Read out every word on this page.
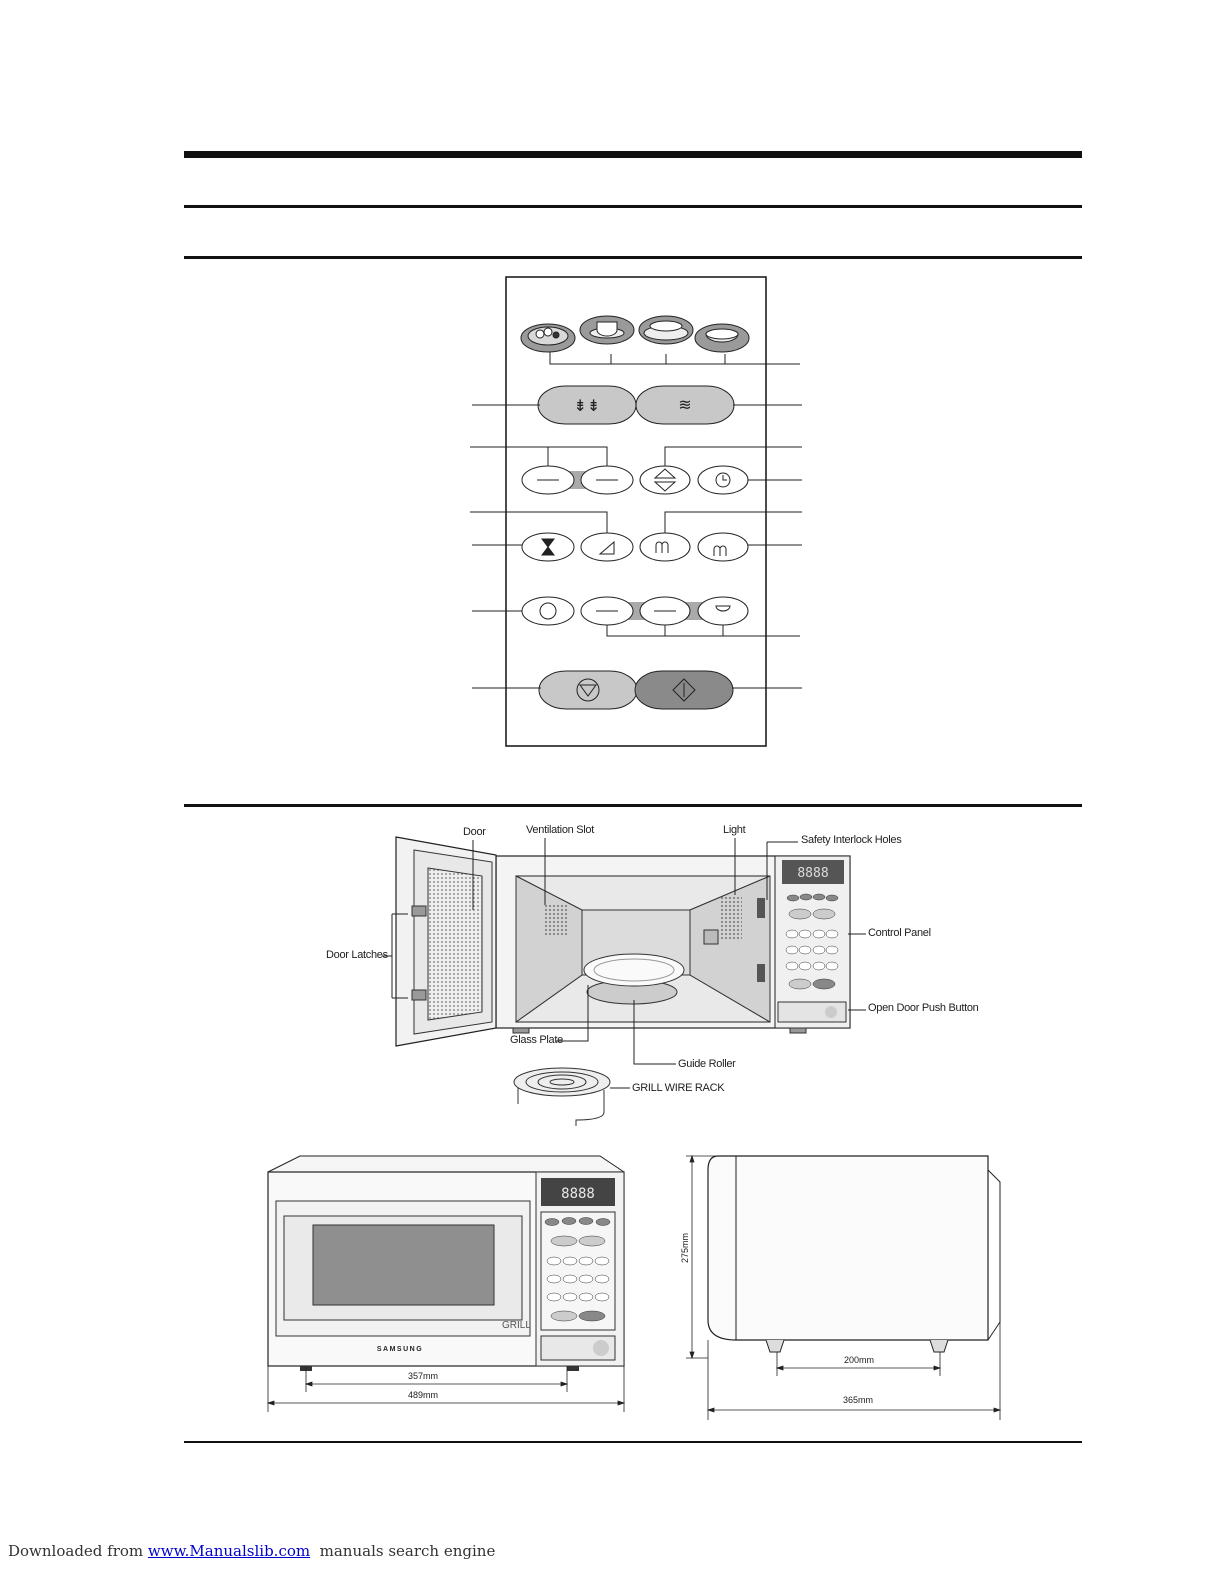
⇟⇟	≋
8888
Door	Ventilation Slot	Light
Safety Interlock Holes
Control Panel
Door Latches
Open Door Push Button
Glass Plate
Guide Roller
GRILL WIRE RACK
8888
GRILL
SAMSUNG
357mm
489mm
275mm
200mm
365mm
Downloaded from www.Manualslib.com  manuals search engine
